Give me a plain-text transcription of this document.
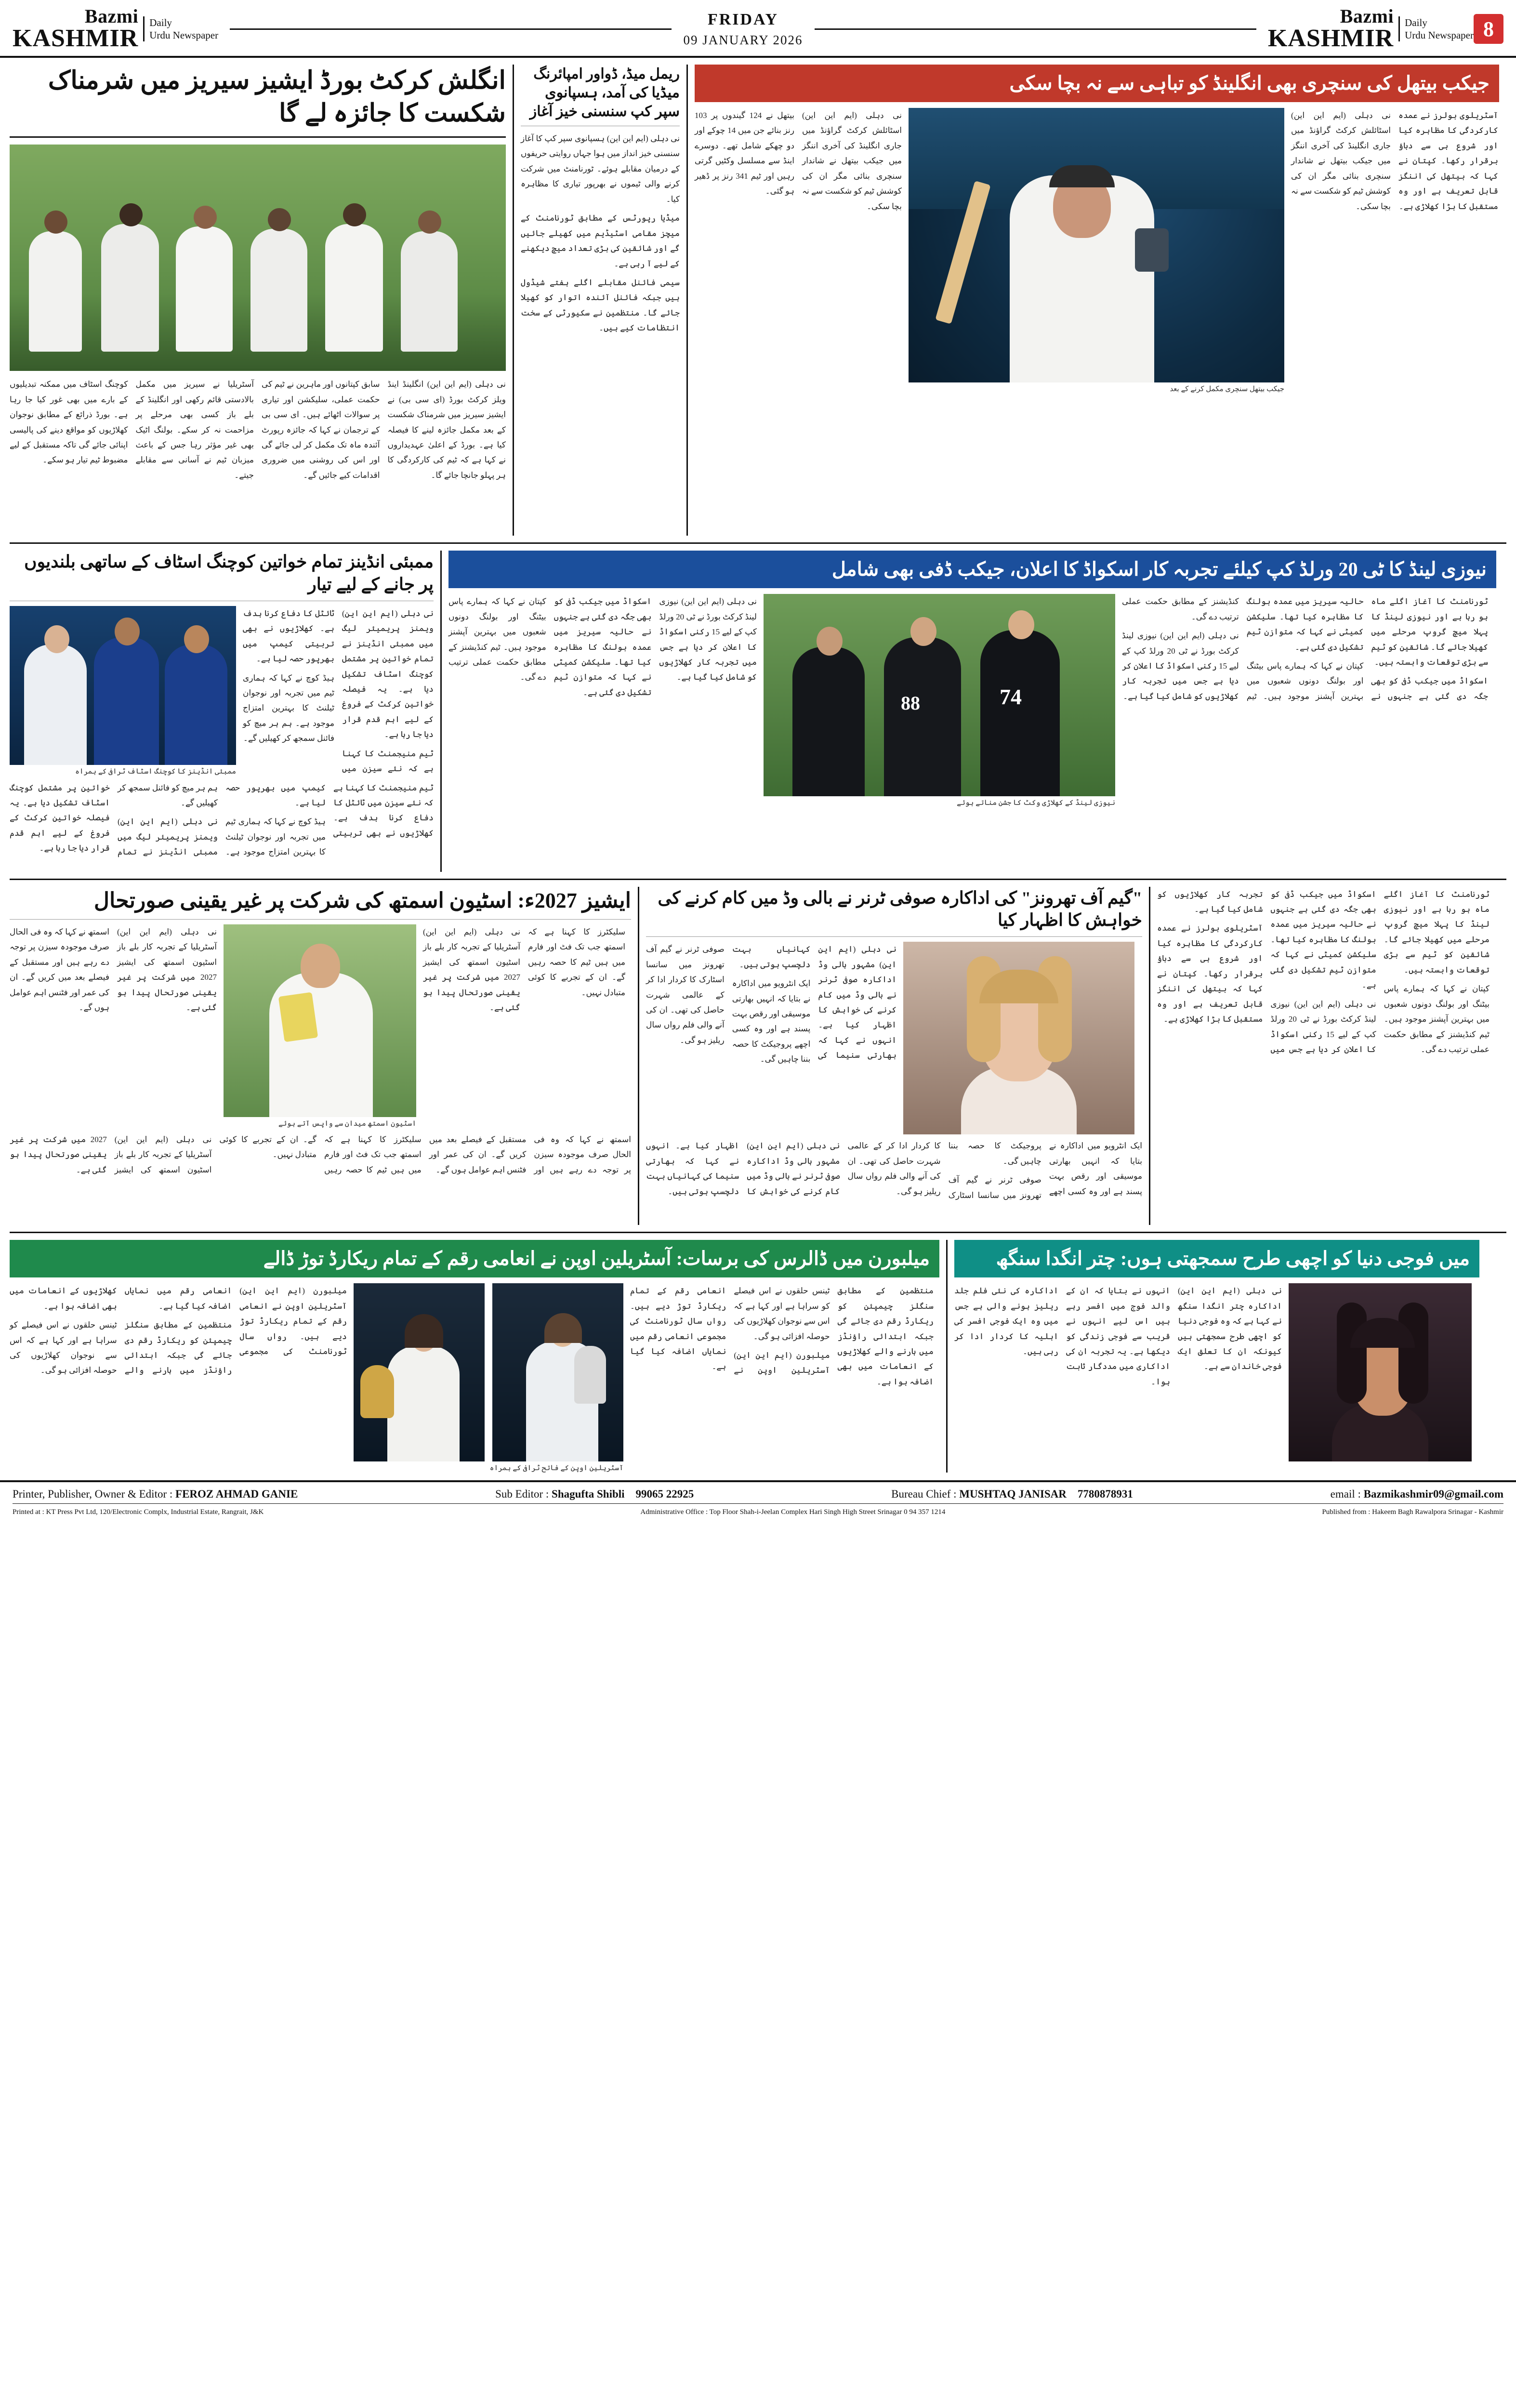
Bazmi
KASHMIR
Daily
Urdu Newspaper
FRIDAY
09 JANUARY 2026
Bazmi
KASHMIR
Daily
Urdu Newspaper 8
انگلش کرکٹ بورڈ ایشیز سیریز میں شرمناک شکست کا جائزہ لے گا

نی دہلی (ایم این این) انگلینڈ اینڈ ویلز کرکٹ بورڈ (ای سی بی) نے ایشیز سیریز میں شرمناک شکست کے بعد مکمل جائزہ لینے کا فیصلہ کیا ہے۔ بورڈ کے اعلیٰ عہدیداروں نے کہا ہے کہ ٹیم کی کارکردگی کا ہر پہلو جانچا جائے گا۔

سابق کپتانوں اور ماہرین نے ٹیم کی حکمت عملی، سلیکشن اور تیاری پر سوالات اٹھائے ہیں۔ ای سی بی کے ترجمان نے کہا کہ جائزہ رپورٹ آئندہ ماہ تک مکمل کر لی جائے گی اور اس کی روشنی میں ضروری اقدامات کیے جائیں گے۔

آسٹریلیا نے سیریز میں مکمل بالادستی قائم رکھی اور انگلینڈ کے بلے باز کسی بھی مرحلے پر مزاحمت نہ کر سکے۔ بولنگ اٹیک بھی غیر مؤثر رہا جس کے باعث میزبان ٹیم نے آسانی سے مقابلے جیتے۔

کوچنگ اسٹاف میں ممکنہ تبدیلیوں کے بارے میں بھی غور کیا جا رہا ہے۔ بورڈ ذرائع کے مطابق نوجوان کھلاڑیوں کو مواقع دینے کی پالیسی اپنائی جائے گی تاکہ مستقبل کے لیے مضبوط ٹیم تیار ہو سکے۔

ریمل میڈ، ڈواور امپائرنگ میڈیا کی آمد، ہسپانوی سپر کپ سنسنی خیز آغاز

نی دہلی (ایم این این) ہسپانوی سپر کپ کا آغاز سنسنی خیز انداز میں ہوا جہاں روایتی حریفوں کے درمیان مقابلے ہوئے۔ ٹورنامنٹ میں شرکت کرنے والی ٹیموں نے بھرپور تیاری کا مظاہرہ کیا۔

میڈیا رپورٹس کے مطابق ٹورنامنٹ کے میچز مقامی اسٹیڈیم میں کھیلے جائیں گے اور شائقین کی بڑی تعداد میچ دیکھنے کے لیے آ رہی ہے۔

سیمی فائنل مقابلے اگلے ہفتے شیڈول ہیں جبکہ فائنل آئندہ اتوار کو کھیلا جائے گا۔ منتظمین نے سکیورٹی کے سخت انتظامات کیے ہیں۔

جیکب بیتھل کی سنچری بھی انگلینڈ کو تباہی سے نہ بچا سکی

نی دہلی (ایم این این) اسٹائلش کرکٹ گراؤنڈ میں جاری انگلینڈ کی آخری اننگز میں جیکب بیتھل نے شاندار سنچری بنائی مگر ان کی کوشش ٹیم کو شکست سے نہ بچا سکی۔

بیتھل نے 124 گیندوں پر 103 رنز بنائے جن میں 14 چوکے اور دو چھکے شامل تھے۔ دوسرے اینڈ سے مسلسل وکٹیں گرتی رہیں اور ٹیم 341 رنز پر ڈھیر ہو گئی۔

جیکب بیتھل سنچری مکمل کرنے کے بعد

آسٹریلوی بولرز نے عمدہ کارکردگی کا مظاہرہ کیا اور شروع ہی سے دباؤ برقرار رکھا۔ کپتان نے کہا کہ بیتھل کی اننگز قابل تعریف ہے اور وہ مستقبل کا بڑا کھلاڑی ہے۔

نی دہلی (ایم این این) اسٹائلش کرکٹ گراؤنڈ میں جاری انگلینڈ کی آخری اننگز میں جیکب بیتھل نے شاندار سنچری بنائی مگر ان کی کوشش ٹیم کو شکست سے نہ بچا سکی۔

ممبئی انڈینز تمام خواتین کوچنگ اسٹاف کے ساتھی بلندیوں پر جانے کے لیے تیار
ممبئی انڈینز کا کوچنگ اسٹاف ٹرافی کے ہمراہ

نی دہلی (ایم این این) ویمنز پریمیئر لیگ میں ممبئی انڈینز نے تمام خواتین پر مشتمل کوچنگ اسٹاف تشکیل دیا ہے۔ یہ فیصلہ خواتین کرکٹ کے فروغ کے لیے اہم قدم قرار دیا جا رہا ہے۔

ٹیم منیجمنٹ کا کہنا ہے کہ نئے سیزن میں ٹائٹل کا دفاع کرنا ہدف ہے۔ کھلاڑیوں نے بھی تربیتی کیمپ میں بھرپور حصہ لیا ہے۔

ہیڈ کوچ نے کہا کہ ہماری ٹیم میں تجربہ اور نوجوان ٹیلنٹ کا بہترین امتزاج موجود ہے۔ ہم ہر میچ کو فائنل سمجھ کر کھیلیں گے۔

ٹیم منیجمنٹ کا کہنا ہے کہ نئے سیزن میں ٹائٹل کا دفاع کرنا ہدف ہے۔ کھلاڑیوں نے بھی تربیتی کیمپ میں بھرپور حصہ لیا ہے۔

ہیڈ کوچ نے کہا کہ ہماری ٹیم میں تجربہ اور نوجوان ٹیلنٹ کا بہترین امتزاج موجود ہے۔ ہم ہر میچ کو فائنل سمجھ کر کھیلیں گے۔

نی دہلی (ایم این این) ویمنز پریمیئر لیگ میں ممبئی انڈینز نے تمام خواتین پر مشتمل کوچنگ اسٹاف تشکیل دیا ہے۔ یہ فیصلہ خواتین کرکٹ کے فروغ کے لیے اہم قدم قرار دیا جا رہا ہے۔

نیوزی لینڈ کا ٹی 20 ورلڈ کپ کیلئے تجربہ کار اسکواڈ کا اعلان، جیکب ڈفی بھی شامل

نی دہلی (ایم این این) نیوزی لینڈ کرکٹ بورڈ نے ٹی 20 ورلڈ کپ کے لیے 15 رکنی اسکواڈ کا اعلان کر دیا ہے جس میں تجربہ کار کھلاڑیوں کو شامل کیا گیا ہے۔

اسکواڈ میں جیکب ڈفی کو بھی جگہ دی گئی ہے جنہوں نے حالیہ سیریز میں عمدہ بولنگ کا مظاہرہ کیا تھا۔ سلیکشن کمیٹی نے کہا کہ متوازن ٹیم تشکیل دی گئی ہے۔

کپتان نے کہا کہ ہمارے پاس بیٹنگ اور بولنگ دونوں شعبوں میں بہترین آپشنز موجود ہیں۔ ٹیم کنڈیشنز کے مطابق حکمت عملی ترتیب دے گی۔

88	74
نیوزی لینڈ کے کھلاڑی وکٹ کا جشن مناتے ہوئے

ٹورنامنٹ کا آغاز اگلے ماہ ہو رہا ہے اور نیوزی لینڈ کا پہلا میچ گروپ مرحلے میں کھیلا جائے گا۔ شائقین کو ٹیم سے بڑی توقعات وابستہ ہیں۔

اسکواڈ میں جیکب ڈفی کو بھی جگہ دی گئی ہے جنہوں نے حالیہ سیریز میں عمدہ بولنگ کا مظاہرہ کیا تھا۔ سلیکشن کمیٹی نے کہا کہ متوازن ٹیم تشکیل دی گئی ہے۔

کپتان نے کہا کہ ہمارے پاس بیٹنگ اور بولنگ دونوں شعبوں میں بہترین آپشنز موجود ہیں۔ ٹیم کنڈیشنز کے مطابق حکمت عملی ترتیب دے گی۔

نی دہلی (ایم این این) نیوزی لینڈ کرکٹ بورڈ نے ٹی 20 ورلڈ کپ کے لیے 15 رکنی اسکواڈ کا اعلان کر دیا ہے جس میں تجربہ کار کھلاڑیوں کو شامل کیا گیا ہے۔

ایشیز 2027ء: اسٹیون اسمتھ کی شرکت پر غیر یقینی صورتحال

نی دہلی (ایم این این) آسٹریلیا کے تجربہ کار بلے باز اسٹیون اسمتھ کی ایشیز 2027 میں شرکت پر غیر یقینی صورتحال پیدا ہو گئی ہے۔

اسمتھ نے کہا کہ وہ فی الحال صرف موجودہ سیزن پر توجہ دے رہے ہیں اور مستقبل کے فیصلے بعد میں کریں گے۔ ان کی عمر اور فٹنس اہم عوامل ہوں گے۔

اسٹیون اسمتھ میدان سے واپس آتے ہوئے

سلیکٹرز کا کہنا ہے کہ اسمتھ جب تک فٹ اور فارم میں ہیں ٹیم کا حصہ رہیں گے۔ ان کے تجربے کا کوئی متبادل نہیں۔

نی دہلی (ایم این این) آسٹریلیا کے تجربہ کار بلے باز اسٹیون اسمتھ کی ایشیز 2027 میں شرکت پر غیر یقینی صورتحال پیدا ہو گئی ہے۔

اسمتھ نے کہا کہ وہ فی الحال صرف موجودہ سیزن پر توجہ دے رہے ہیں اور مستقبل کے فیصلے بعد میں کریں گے۔ ان کی عمر اور فٹنس اہم عوامل ہوں گے۔

سلیکٹرز کا کہنا ہے کہ اسمتھ جب تک فٹ اور فارم میں ہیں ٹیم کا حصہ رہیں گے۔ ان کے تجربے کا کوئی متبادل نہیں۔

نی دہلی (ایم این این) آسٹریلیا کے تجربہ کار بلے باز اسٹیون اسمتھ کی ایشیز 2027 میں شرکت پر غیر یقینی صورتحال پیدا ہو گئی ہے۔

"گیم آف تھرونز" کی اداکارہ صوفی ٹرنر نے بالی وڈ میں کام کرنے کی خواہش کا اظہار کیا

نی دہلی (ایم این این) مشہور ہالی وڈ اداکارہ صوفی ٹرنر نے بالی وڈ میں کام کرنے کی خواہش کا اظہار کیا ہے۔ انہوں نے کہا کہ بھارتی سنیما کی کہانیاں بہت دلچسپ ہوتی ہیں۔

ایک انٹرویو میں اداکارہ نے بتایا کہ انہیں بھارتی موسیقی اور رقص بہت پسند ہے اور وہ کسی اچھے پروجیکٹ کا حصہ بننا چاہیں گی۔

صوفی ٹرنر نے گیم آف تھرونز میں سانسا اسٹارک کا کردار ادا کر کے عالمی شہرت حاصل کی تھی۔ ان کی آنے والی فلم رواں سال ریلیز ہو گی۔

ایک انٹرویو میں اداکارہ نے بتایا کہ انہیں بھارتی موسیقی اور رقص بہت پسند ہے اور وہ کسی اچھے پروجیکٹ کا حصہ بننا چاہیں گی۔

صوفی ٹرنر نے گیم آف تھرونز میں سانسا اسٹارک کا کردار ادا کر کے عالمی شہرت حاصل کی تھی۔ ان کی آنے والی فلم رواں سال ریلیز ہو گی۔

نی دہلی (ایم این این) مشہور ہالی وڈ اداکارہ صوفی ٹرنر نے بالی وڈ میں کام کرنے کی خواہش کا اظہار کیا ہے۔ انہوں نے کہا کہ بھارتی سنیما کی کہانیاں بہت دلچسپ ہوتی ہیں۔

ٹورنامنٹ کا آغاز اگلے ماہ ہو رہا ہے اور نیوزی لینڈ کا پہلا میچ گروپ مرحلے میں کھیلا جائے گا۔ شائقین کو ٹیم سے بڑی توقعات وابستہ ہیں۔

کپتان نے کہا کہ ہمارے پاس بیٹنگ اور بولنگ دونوں شعبوں میں بہترین آپشنز موجود ہیں۔ ٹیم کنڈیشنز کے مطابق حکمت عملی ترتیب دے گی۔

اسکواڈ میں جیکب ڈفی کو بھی جگہ دی گئی ہے جنہوں نے حالیہ سیریز میں عمدہ بولنگ کا مظاہرہ کیا تھا۔ سلیکشن کمیٹی نے کہا کہ متوازن ٹیم تشکیل دی گئی ہے۔

نی دہلی (ایم این این) نیوزی لینڈ کرکٹ بورڈ نے ٹی 20 ورلڈ کپ کے لیے 15 رکنی اسکواڈ کا اعلان کر دیا ہے جس میں تجربہ کار کھلاڑیوں کو شامل کیا گیا ہے۔

آسٹریلوی بولرز نے عمدہ کارکردگی کا مظاہرہ کیا اور شروع ہی سے دباؤ برقرار رکھا۔ کپتان نے کہا کہ بیتھل کی اننگز قابل تعریف ہے اور وہ مستقبل کا بڑا کھلاڑی ہے۔

میلبورن میں ڈالرس کی برسات: آسٹریلین اوپن نے انعامی رقم کے تمام ریکارڈ توڑ ڈالے

میلبورن (ایم این این) آسٹریلین اوپن نے انعامی رقم کے تمام ریکارڈ توڑ دیے ہیں۔ رواں سال ٹورنامنٹ کی مجموعی انعامی رقم میں نمایاں اضافہ کیا گیا ہے۔

منتظمین کے مطابق سنگلز چیمپئن کو ریکارڈ رقم دی جائے گی جبکہ ابتدائی راؤنڈز میں ہارنے والے کھلاڑیوں کے انعامات میں بھی اضافہ ہوا ہے۔

ٹینس حلقوں نے اس فیصلے کو سراہا ہے اور کہا ہے کہ اس سے نوجوان کھلاڑیوں کی حوصلہ افزائی ہو گی۔

آسٹریلین اوپن کے فاتح ٹرافی کے ہمراہ

منتظمین کے مطابق سنگلز چیمپئن کو ریکارڈ رقم دی جائے گی جبکہ ابتدائی راؤنڈز میں ہارنے والے کھلاڑیوں کے انعامات میں بھی اضافہ ہوا ہے۔

ٹینس حلقوں نے اس فیصلے کو سراہا ہے اور کہا ہے کہ اس سے نوجوان کھلاڑیوں کی حوصلہ افزائی ہو گی۔

میلبورن (ایم این این) آسٹریلین اوپن نے انعامی رقم کے تمام ریکارڈ توڑ دیے ہیں۔ رواں سال ٹورنامنٹ کی مجموعی انعامی رقم میں نمایاں اضافہ کیا گیا ہے۔

میں فوجی دنیا کو اچھی طرح سمجھتی ہوں: چتر انگدا سنگھ

نی دہلی (ایم این این) اداکارہ چتر انگدا سنگھ نے کہا ہے کہ وہ فوجی دنیا کو اچھی طرح سمجھتی ہیں کیونکہ ان کا تعلق ایک فوجی خاندان سے ہے۔

انہوں نے بتایا کہ ان کے والد فوج میں افسر رہے ہیں اس لیے انہوں نے قریب سے فوجی زندگی کو دیکھا ہے۔ یہ تجربہ ان کی اداکاری میں مددگار ثابت ہوا۔

اداکارہ کی نئی فلم جلد ریلیز ہونے والی ہے جس میں وہ ایک فوجی افسر کی اہلیہ کا کردار ادا کر رہی ہیں۔

Printer, Publisher, Owner & Editor : FEROZ AHMAD GANIE	Sub Editor : Shagufta Shibli 99065 22925	Bureau Chief : MUSHTAQ JANISAR 7780878931	email : Bazmikashmir09@gmail.com
Printed at : KT Press Pvt Ltd, 120/Electronic Complx, Industrial Estate, Rangrait, J&K	Administrative Office : Top Floor Shah-i-Jeelan Complex Hari Singh High Street Srinagar 0 94 357 1214	Published from : Hakeem Bagh Rawalpora Srinagar - Kashmir
